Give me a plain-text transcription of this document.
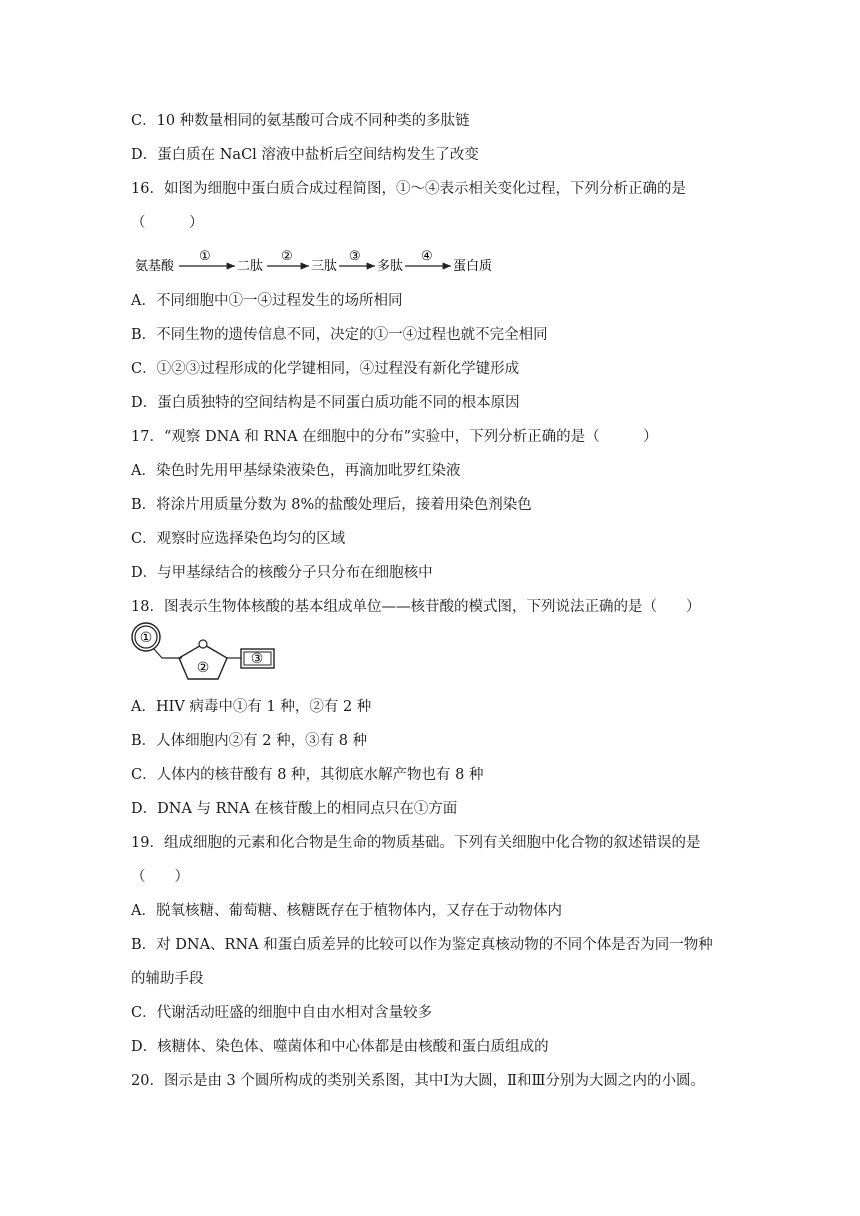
C．10 种数量相同的氨基酸可合成不同种类的多肽链
D．蛋白质在 NaCl 溶液中盐析后空间结构发生了改变
16．如图为细胞中蛋白质合成过程简图，①～④表示相关变化过程，下列分析正确的是
（　　　）
氨基酸
①
二肽
②
三肽
③
多肽
④
蛋白质
A．不同细胞中①一④过程发生的场所相同
B．不同生物的遗传信息不同，决定的①一④过程也就不完全相同
C．①②③过程形成的化学键相同，④过程没有新化学键形成
D．蛋白质独特的空间结构是不同蛋白质功能不同的根本原因
17．“观察 DNA 和 RNA 在细胞中的分布”实验中，下列分析正确的是（　　　）
A．染色时先用甲基绿染液染色，再滴加吡罗红染液
B．将涂片用质量分数为 8%的盐酸处理后，接着用染色剂染色
C．观察时应选择染色均匀的区域
D．与甲基绿结合的核酸分子只分布在细胞核中
18．图表示生物体核酸的基本组成单位——核苷酸的模式图，下列说法正确的是（　　）
①
②
③
A．HIV 病毒中①有 1 种，②有 2 种
B．人体细胞内②有 2 种，③有 8 种
C．人体内的核苷酸有 8 种，其彻底水解产物也有 8 种
D．DNA 与 RNA 在核苷酸上的相同点只在①方面
19．组成细胞的元素和化合物是生命的物质基础。下列有关细胞中化合物的叙述错误的是
（　　）
A．脱氧核糖、葡萄糖、核糖既存在于植物体内，又存在于动物体内
B．对 DNA、RNA 和蛋白质差异的比较可以作为鉴定真核动物的不同个体是否为同一物种
的辅助手段
C．代谢活动旺盛的细胞中自由水相对含量较多
D．核糖体、染色体、噬菌体和中心体都是由核酸和蛋白质组成的
20．图示是由 3 个圆所构成的类别关系图，其中Ⅰ为大圆，Ⅱ和Ⅲ分别为大圆之内的小圆。
